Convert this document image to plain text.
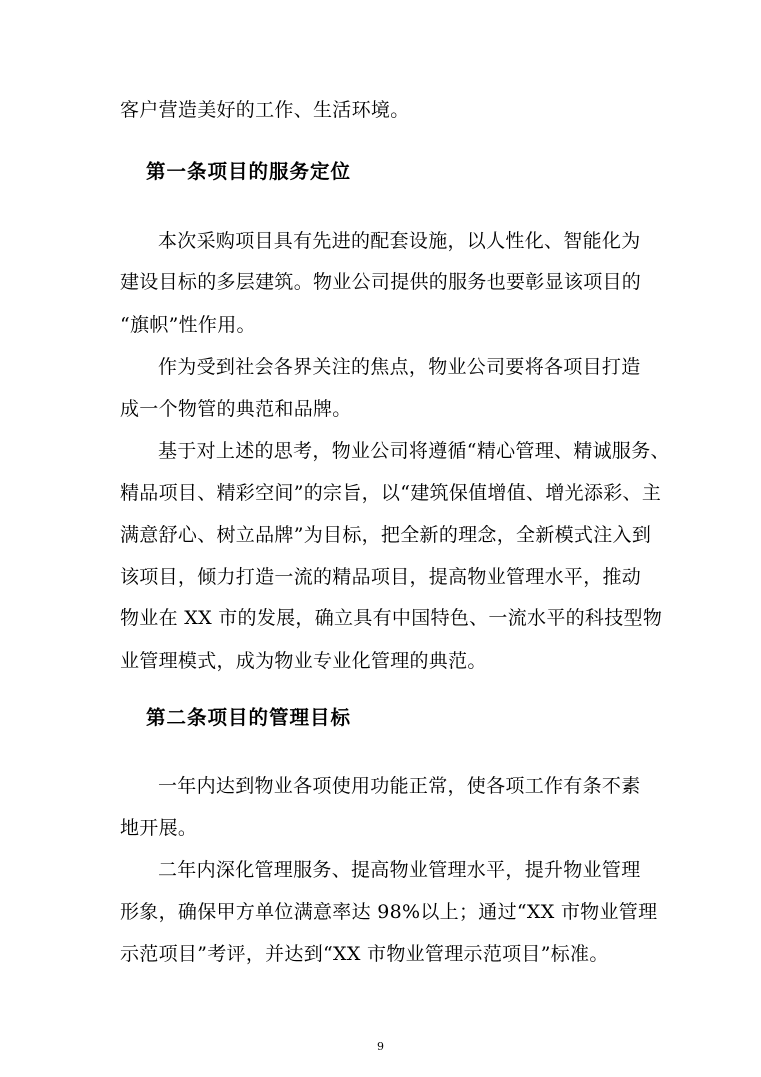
客户营造美好的工作、生活环境。

第一条项目的服务定位

本次采购项目具有先进的配套设施，以人性化、智能化为

建设目标的多层建筑。物业公司提供的服务也要彰显该项目的

“旗帜”性作用。

作为受到社会各界关注的焦点，物业公司要将各项目打造

成一个物管的典范和品牌。

基于对上述的思考，物业公司将遵循“精心管理、精诚服务、

精品项目、精彩空间”的宗旨，以“建筑保值增值、增光添彩、主

满意舒心、树立品牌”为目标，把全新的理念，全新模式注入到

该项目，倾力打造一流的精品项目，提高物业管理水平，推动

物业在 XX 市的发展，确立具有中国特色、一流水平的科技型物

业管理模式，成为物业专业化管理的典范。

第二条项目的管理目标

一年内达到物业各项使用功能正常，使各项工作有条不素

地开展。

二年内深化管理服务、提高物业管理水平，提升物业管理

形象，确保甲方单位满意率达 98%以上；通过“XX 市物业管理

示范项目”考评，并达到“XX 市物业管理示范项目”标准。

9
